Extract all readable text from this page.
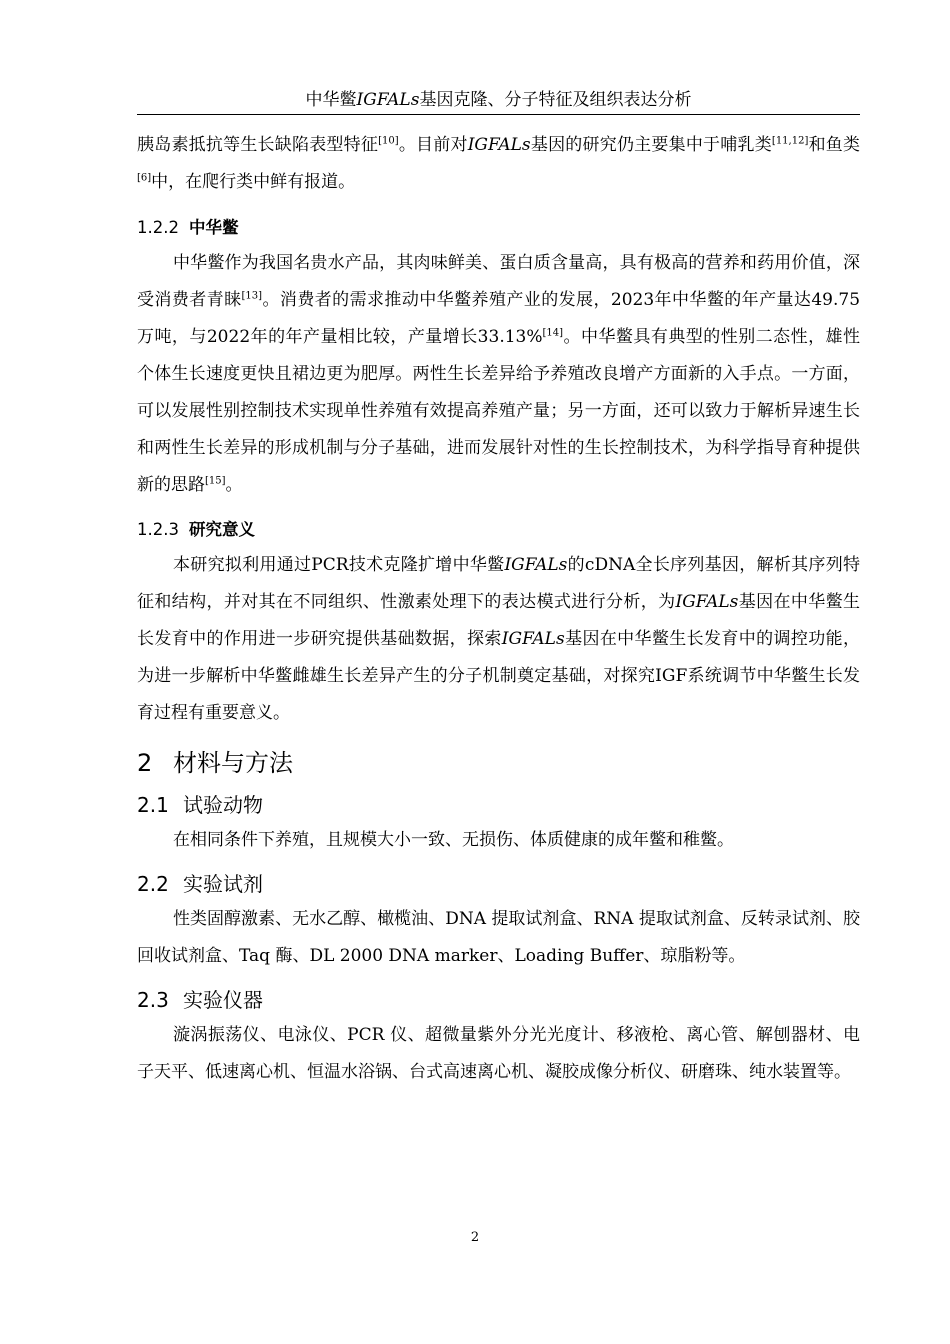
中华鳖IGFALs基因克隆、分子特征及组织表达分析

胰岛素抵抗等生长缺陷表型特征[10]。目前对IGFALs基因的研究仍主要集中于哺乳类[11,12]和鱼类[6]中，在爬行类中鲜有报道。

1.2.2 中华鳖

中华鳖作为我国名贵水产品，其肉味鲜美、蛋白质含量高，具有极高的营养和药用价值，深受消费者青睐[13]。消费者的需求推动中华鳖养殖产业的发展，2023年中华鳖的年产量达49.75万吨，与2022年的年产量相比较，产量增长33.13%[14]。中华鳖具有典型的性别二态性，雄性个体生长速度更快且裙边更为肥厚。两性生长差异给予养殖改良增产方面新的入手点。一方面，可以发展性别控制技术实现单性养殖有效提高养殖产量；另一方面，还可以致力于解析异速生长和两性生长差异的形成机制与分子基础，进而发展针对性的生长控制技术，为科学指导育种提供新的思路[15]。

1.2.3 研究意义

本研究拟利用通过PCR技术克隆扩增中华鳖IGFALs的cDNA全长序列基因，解析其序列特征和结构，并对其在不同组织、性激素处理下的表达模式进行分析，为IGFALs基因在中华鳖生长发育中的作用进一步研究提供基础数据，探索IGFALs基因在中华鳖生长发育中的调控功能，为进一步解析中华鳖雌雄生长差异产生的分子机制奠定基础，对探究IGF系统调节中华鳖生长发育过程有重要意义。

2 材料与方法
2.1 试验动物

在相同条件下养殖，且规模大小一致、无损伤、体质健康的成年鳖和稚鳖。

2.2 实验试剂

性类固醇激素、无水乙醇、橄榄油、DNA 提取试剂盒、RNA 提取试剂盒、反转录试剂、胶回收试剂盒、Taq 酶、DL 2000 DNA marker、Loading Buffer、琼脂粉等。

2.3 实验仪器

漩涡振荡仪、电泳仪、PCR 仪、超微量紫外分光光度计、移液枪、离心管、解刨器材、电子天平、低速离心机、恒温水浴锅、台式高速离心机、凝胶成像分析仪、研磨珠、纯水装置等。

2
